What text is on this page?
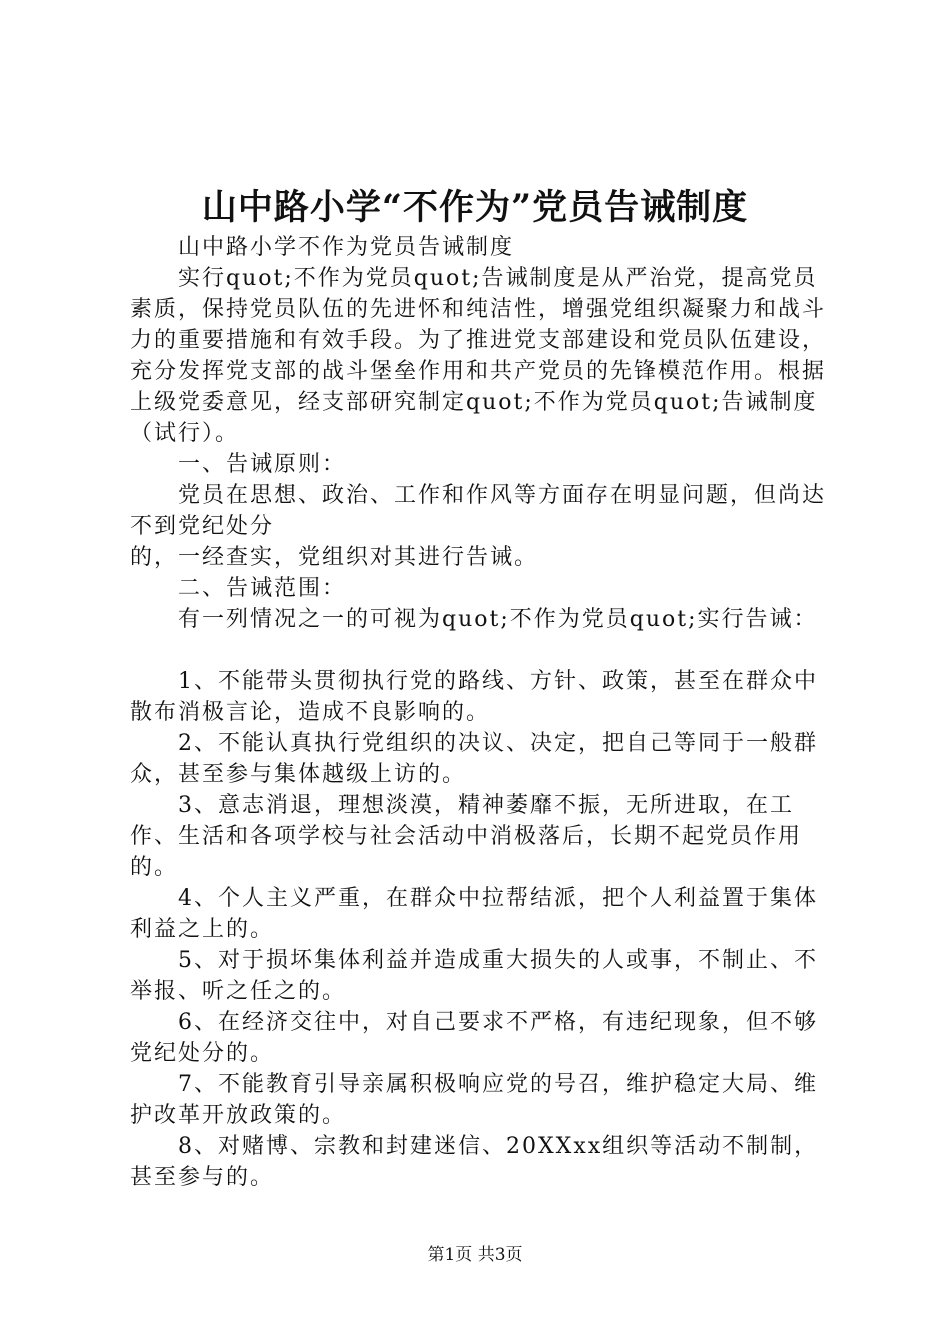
山中路小学“不作为”党员告诫制度

山中路小学不作为党员告诫制度

实行quot;不作为党员quot;告诫制度是从严治党，提高党员素质，保持党员队伍的先进怀和纯洁性，增强党组织凝聚力和战斗力的重要措施和有效手段。为了推进党支部建设和党员队伍建设，充分发挥党支部的战斗堡垒作用和共产党员的先锋模范作用。根据上级党委意见，经支部研究制定quot;不作为党员quot;告诫制度（试行）。

一、告诫原则：

党员在思想、政治、工作和作风等方面存在明显问题，但尚达不到党纪处分

的，一经查实，党组织对其进行告诫。

二、告诫范围：

有一列情况之一的可视为quot;不作为党员quot;实行告诫：

1、不能带头贯彻执行党的路线、方针、政策，甚至在群众中散布消极言论，造成不良影响的。

2、不能认真执行党组织的决议、决定，把自己等同于一般群众，甚至参与集体越级上访的。

3、意志消退，理想淡漠，精神萎靡不振，无所进取，在工作、生活和各项学校与社会活动中消极落后，长期不起党员作用的。

4、个人主义严重，在群众中拉帮结派，把个人利益置于集体利益之上的。

5、对于损坏集体利益并造成重大损失的人或事，不制止、不举报、听之任之的。

6、在经济交往中，对自己要求不严格，有违纪现象，但不够党纪处分的。

7、不能教育引导亲属积极响应党的号召，维护稳定大局、维护改革开放政策的。

8、对赌博、宗教和封建迷信、20XXxx组织等活动不制制，甚至参与的。

第1页 共3页
